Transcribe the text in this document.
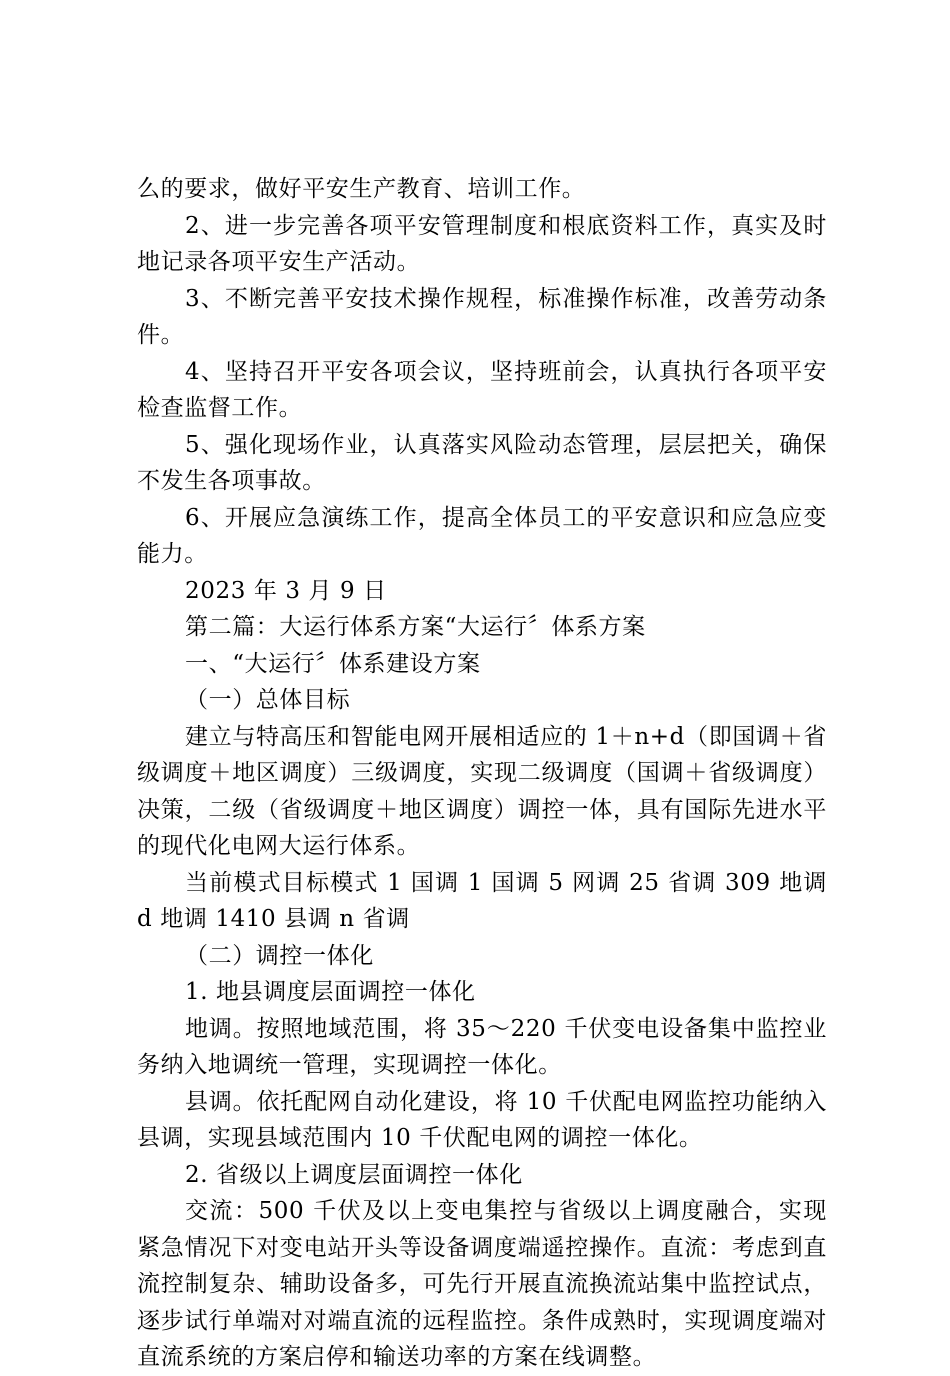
么的要求，做好平安生产教育、培训工作。

2、进一步完善各项平安管理制度和根底资料工作，真实及时地记录各项平安生产活动。

3、不断完善平安技术操作规程，标准操作标准，改善劳动条件。

4、坚持召开平安各项会议，坚持班前会，认真执行各项平安检查监督工作。

5、强化现场作业，认真落实风险动态管理，层层把关，确保不发生各项事故。

6、开展应急演练工作，提高全体员工的平安意识和应急应变能力。

2023 年 3 月 9 日

第二篇：大运行体系方案“大运行〞体系方案

一、“大运行〞体系建设方案

（一）总体目标

建立与特高压和智能电网开展相适应的 1＋n+d（即国调＋省级调度＋地区调度）三级调度，实现二级调度（国调＋省级调度）决策，二级（省级调度＋地区调度）调控一体，具有国际先进水平的现代化电网大运行体系。

当前模式目标模式 1 国调 1 国调 5 网调 25 省调 309 地调 d 地调 1410 县调 n 省调

（二）调控一体化

1. 地县调度层面调控一体化

地调。按照地域范围，将 35～220 千伏变电设备集中监控业务纳入地调统一管理，实现调控一体化。

县调。依托配网自动化建设，将 10 千伏配电网监控功能纳入县调，实现县域范围内 10 千伏配电网的调控一体化。

2. 省级以上调度层面调控一体化

交流：500 千伏及以上变电集控与省级以上调度融合，实现紧急情况下对变电站开头等设备调度端遥控操作。直流：考虑到直流控制复杂、辅助设备多，可先行开展直流换流站集中监控试点，逐步试行单端对对端直流的远程监控。条件成熟时，实现调度端对直流系统的方案启停和输送功率的方案在线调整。
